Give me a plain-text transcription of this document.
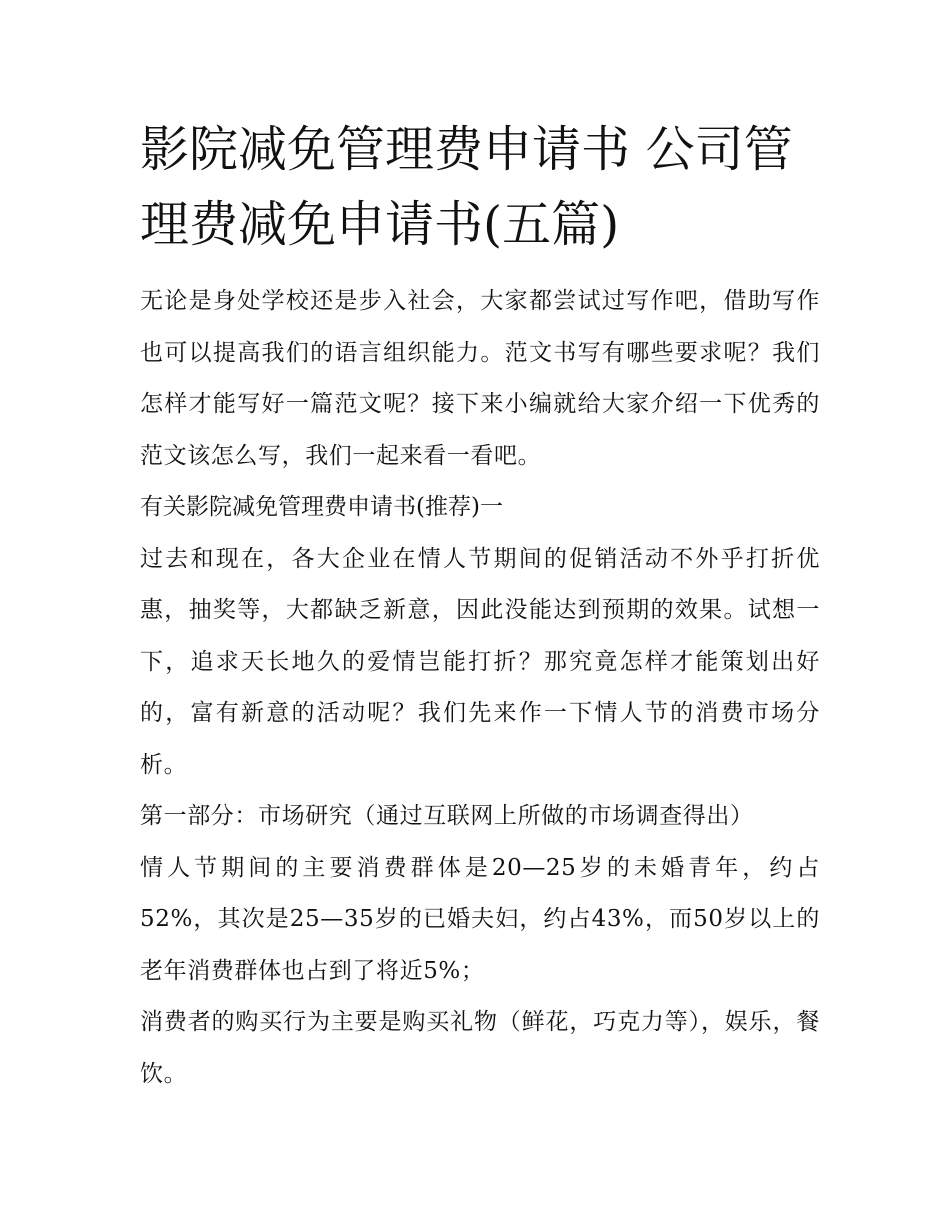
影院减免管理费申请书 公司管理费减免申请书(五篇)

无论是身处学校还是步入社会，大家都尝试过写作吧，借助写作也可以提高我们的语言组织能力。范文书写有哪些要求呢？我们怎样才能写好一篇范文呢？接下来小编就给大家介绍一下优秀的范文该怎么写，我们一起来看一看吧。

有关影院减免管理费申请书(推荐)一

过去和现在，各大企业在情人节期间的促销活动不外乎打折优惠，抽奖等，大都缺乏新意，因此没能达到预期的效果。试想一下，追求天长地久的爱情岂能打折？那究竟怎样才能策划出好的，富有新意的活动呢？我们先来作一下情人节的消费市场分析。

第一部分：市场研究（通过互联网上所做的市场调查得出）

情人节期间的主要消费群体是20—25岁的未婚青年，约占52%，其次是25—35岁的已婚夫妇，约占43%，而50岁以上的老年消费群体也占到了将近5%；

消费者的购买行为主要是购买礼物（鲜花，巧克力等），娱乐，餐饮。
